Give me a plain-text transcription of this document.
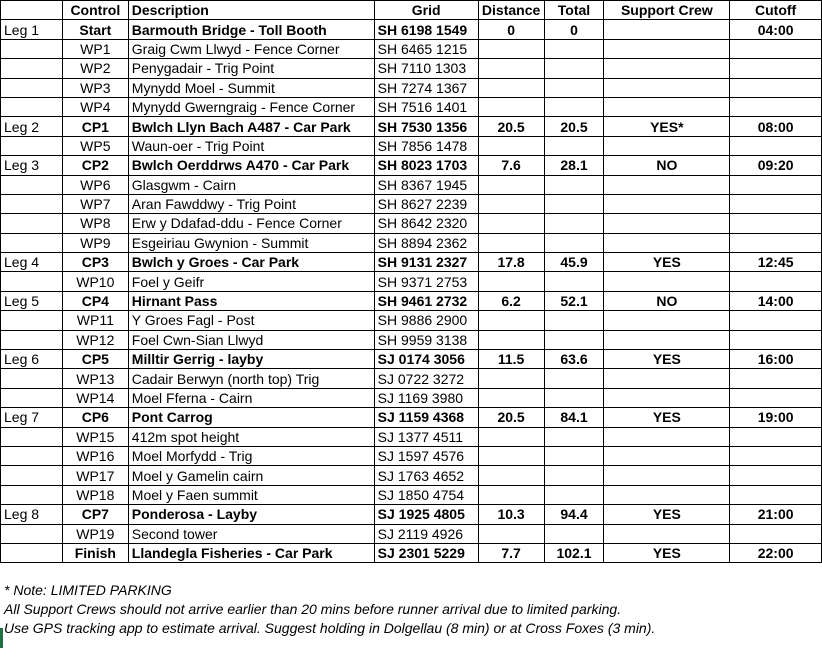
	Control	Description	Grid	Distance	Total	Support Crew	Cutoff
Leg 1	Start	Barmouth Bridge - Toll Booth	SH 6198 1549	0	0		04:00
	WP1	Graig Cwm Llwyd - Fence Corner	SH 6465 1215				
	WP2	Penygadair - Trig Point	SH 7110 1303				
	WP3	Mynydd Moel - Summit	SH 7274 1367				
	WP4	Mynydd Gwerngraig - Fence Corner	SH 7516 1401				
Leg 2	CP1	Bwlch Llyn Bach A487 - Car Park	SH 7530 1356	20.5	20.5	YES*	08:00
	WP5	Waun-oer - Trig Point	SH 7856 1478				
Leg 3	CP2	Bwlch Oerddrws A470 - Car Park	SH 8023 1703	7.6	28.1	NO	09:20
	WP6	Glasgwm - Cairn	SH 8367 1945				
	WP7	Aran Fawddwy - Trig Point	SH 8627 2239				
	WP8	Erw y Ddafad-ddu - Fence Corner	SH 8642 2320				
	WP9	Esgeiriau Gwynion - Summit	SH 8894 2362				
Leg 4	CP3	Bwlch y Groes - Car Park	SH 9131 2327	17.8	45.9	YES	12:45
	WP10	Foel y Geifr	SH 9371 2753				
Leg 5	CP4	Hirnant Pass	SH 9461 2732	6.2	52.1	NO	14:00
	WP11	Y Groes Fagl - Post	SH 9886 2900				
	WP12	Foel Cwn-Sian Llwyd	SH 9959 3138				
Leg 6	CP5	Milltir Gerrig - layby	SJ 0174 3056	11.5	63.6	YES	16:00
	WP13	Cadair Berwyn (north top) Trig	SJ 0722 3272				
	WP14	Moel Fferna - Cairn	SJ 1169 3980				
Leg 7	CP6	Pont Carrog	SJ 1159 4368	20.5	84.1	YES	19:00
	WP15	412m spot height	SJ 1377 4511				
	WP16	Moel Morfydd - Trig	SJ 1597 4576				
	WP17	Moel y Gamelin cairn	SJ 1763 4652				
	WP18	Moel y Faen summit	SJ 1850 4754				
Leg 8	CP7	Ponderosa - Layby	SJ 1925 4805	10.3	94.4	YES	21:00
	WP19	Second tower	SJ 2119 4926				
	Finish	Llandegla Fisheries - Car Park	SJ 2301 5229	7.7	102.1	YES	22:00
* Note: LIMITED PARKING
All Support Crews should not arrive earlier than 20 mins before runner arrival due to limited parking.
Use GPS tracking app to estimate arrival. Suggest holding in Dolgellau (8 min) or at Cross Foxes (3 min).
